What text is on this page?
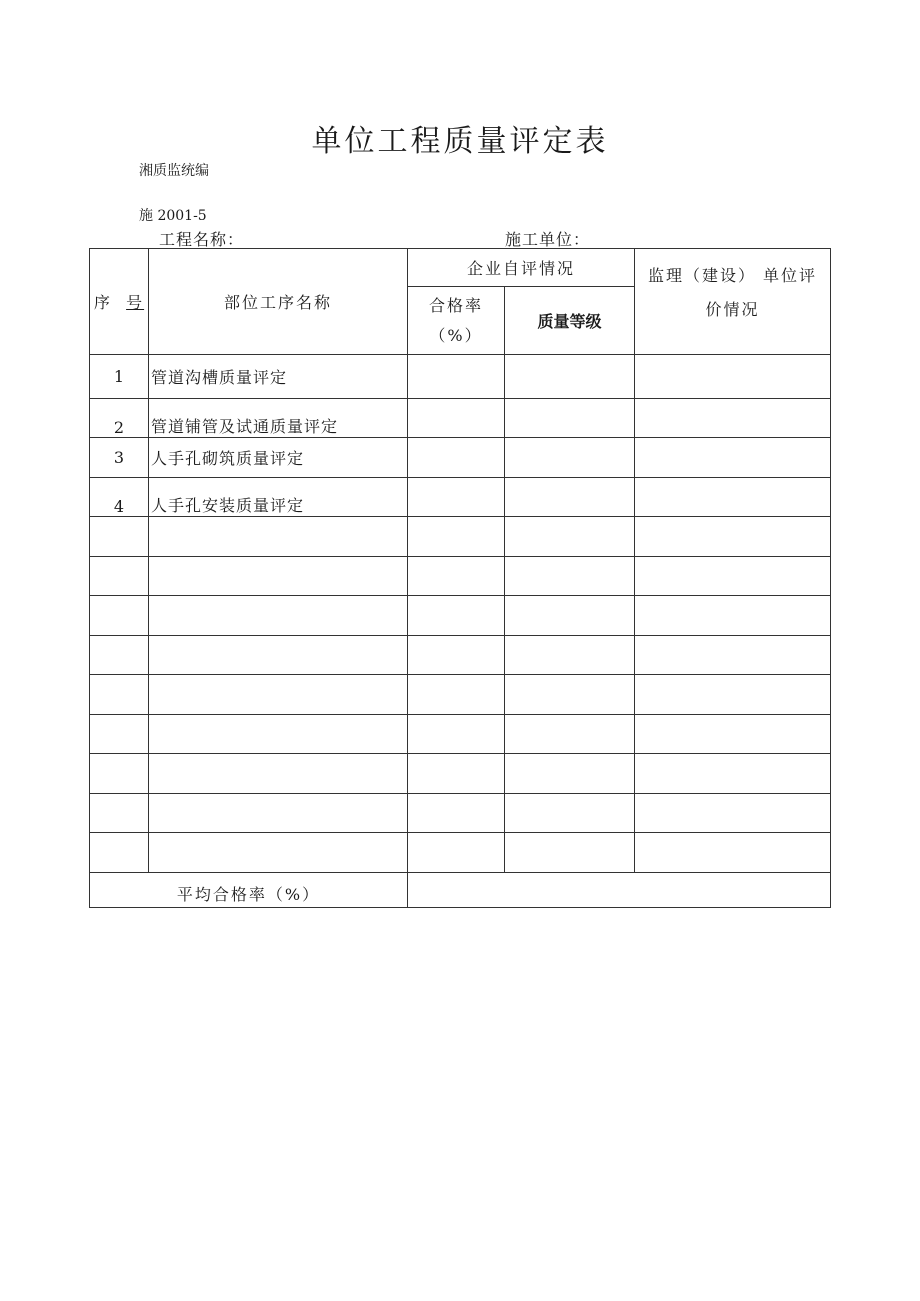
单位工程质量评定表
湘质监统编
施 2001-5
工程名称：	施工单位：
序 号	部位工序名称	企业自评情况		监理（建设） 单位评
价情况

		合格率
（%）	质量等级	
1	管道沟槽质量评定			
2	管道铺管及试通质量评定			
3	人手孔砌筑质量评定			
4	人手孔安装质量评定			

平均合格率（%）				
